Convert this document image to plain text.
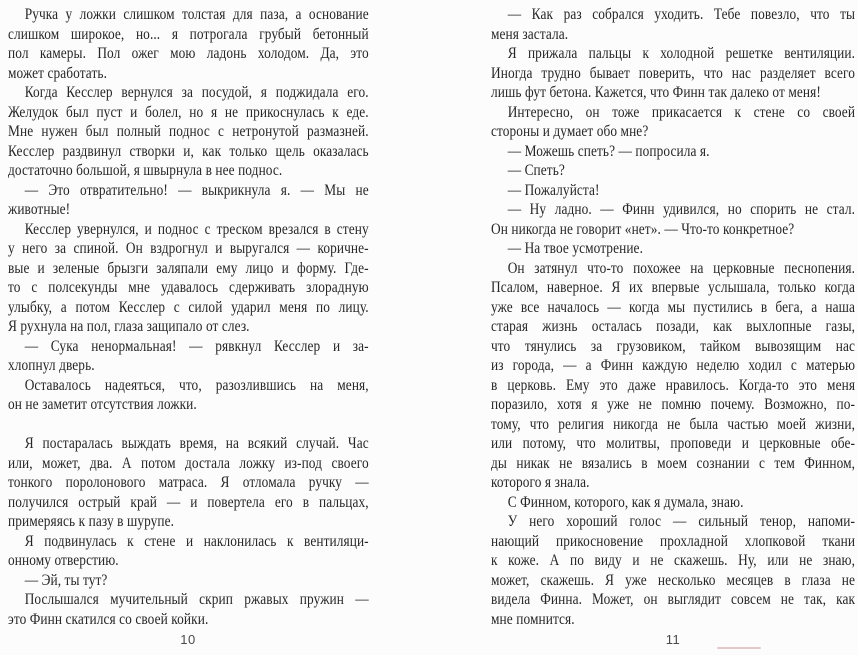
Ручка у ложки слишком толстая для паза, а основание
слишком широкое, но... я потрогала грубый бетонный
пол камеры. Пол ожег мою ладонь холодом. Да, это
может сработать.
Когда Кесслер вернулся за посудой, я поджидала его.
Желудок был пуст и болел, но я не прикоснулась к еде.
Мне нужен был полный поднос с нетронутой размазней.
Кесслер раздвинул створки и, как только щель оказалась
достаточно большой, я швырнула в нее поднос.
— Это отвратительно! — выкрикнула я. — Мы не
животные!
Кесслер увернулся, и поднос с треском врезался в стену
у него за спиной. Он вздрогнул и выругался — коричне-
вые и зеленые брызги заляпали ему лицо и форму. Где-
то с полсекунды мне удавалось сдерживать злорадную
улыбку, а потом Кесслер с силой ударил меня по лицу.
Я рухнула на пол, глаза защипало от слез.
— Сука ненормальная! — рявкнул Кесслер и за-
хлопнул дверь.
Оставалось надеяться, что, разозлившись на меня,
он не заметит отсутствия ложки.

Я постаралась выждать время, на всякий случай. Час
или, может, два. А потом достала ложку из-под своего
тонкого поролонового матраса. Я отломала ручку —
получился острый край — и повертела его в пальцах,
примеряясь к пазу в шурупе.
Я подвинулась к стене и наклонилась к вентиляци-
онному отверстию.
— Эй, ты тут?
Послышался мучительный скрип ржавых пружин —
это Финн скатился со своей койки.
— Как раз собрался уходить. Тебе повезло, что ты
меня застала.
Я прижала пальцы к холодной решетке вентиляции.
Иногда трудно бывает поверить, что нас разделяет всего
лишь фут бетона. Кажется, что Финн так далеко от меня!
Интересно, он тоже прикасается к стене со своей
стороны и думает обо мне?
— Можешь спеть? — попросила я.
— Спеть?
— Пожалуйста!
— Ну ладно. — Финн удивился, но спорить не стал.
Он никогда не говорит «нет». — Что-то конкретное?
— На твое усмотрение.
Он затянул что-то похожее на церковные песнопения.
Псалом, наверное. Я их впервые услышала, только когда
уже все началось — когда мы пустились в бега, а наша
старая жизнь осталась позади, как выхлопные газы,
что тянулись за грузовиком, тайком вывозящим нас
из города, — а Финн каждую неделю ходил с матерью
в церковь. Ему это даже нравилось. Когда-то это меня
поразило, хотя я уже не помню почему. Возможно, по-
тому, что религия никогда не была частью моей жизни,
или потому, что молитвы, проповеди и церковные обе-
ды никак не вязались в моем сознании с тем Финном,
которого я знала.
С Финном, которого, как я думала, знаю.
У него хороший голос — сильный тенор, напоми-
нающий прикосновение прохладной хлопковой ткани
к коже. А по виду и не скажешь. Ну, или не знаю,
может, скажешь. Я уже несколько месяцев в глаза не
видела Финна. Может, он выглядит совсем не так, как
мне помнится.
10	11
